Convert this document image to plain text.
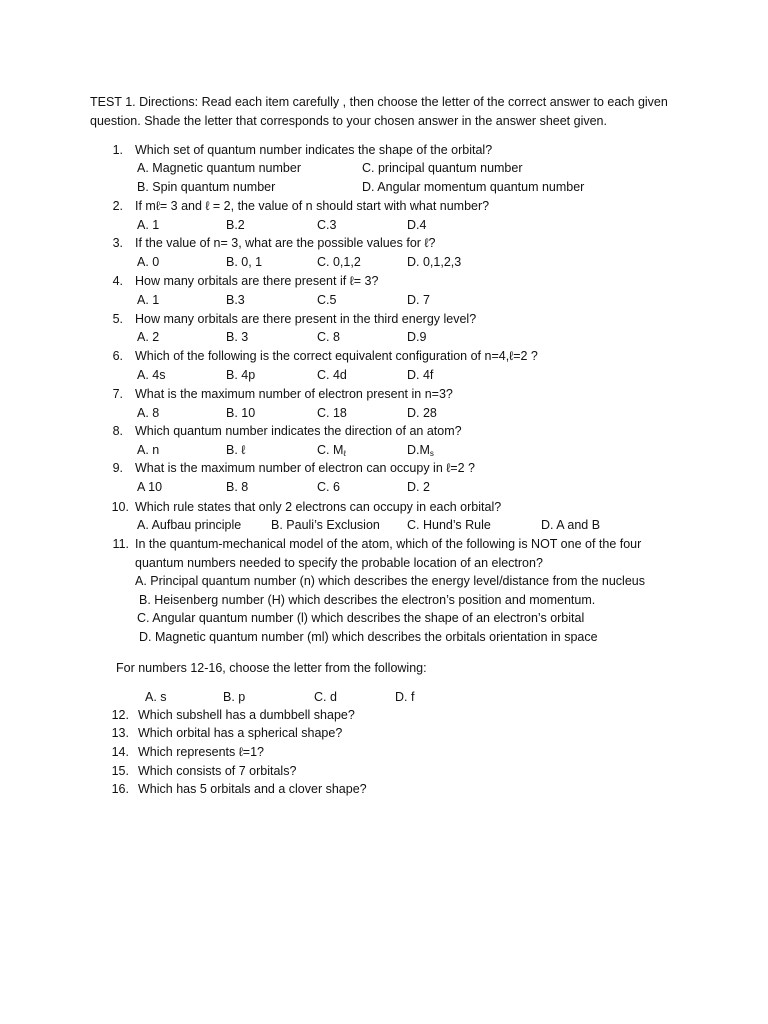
TEST 1. Directions: Read each item carefully , then choose the letter of the correct answer to each given
question. Shade the letter that corresponds to your chosen answer in the answer sheet given.
1. Which set of quantum number indicates the shape of the orbital?
A. Magnetic quantum number	C. principal quantum number
B. Spin quantum number	D. Angular momentum quantum number
2. If mℓ= 3 and ℓ = 2, the value of n should start with what number?
A. 1	B.2	C.3	D.4
3. If the value of n= 3, what are the possible values for ℓ?
A. 0	B. 0, 1	C. 0,1,2	D. 0,1,2,3
4. How many orbitals are there present if ℓ= 3?
A. 1	B.3	C.5	D. 7
5. How many orbitals are there present in the third energy level?
A. 2	B. 3	C. 8	D.9
6. Which of the following is the correct equivalent configuration of n=4,ℓ=2 ?
A. 4s	B. 4p	C. 4d	D. 4f
7. What is the maximum number of electron present in n=3?
A. 8	B. 10	C. 18	D. 28
8. Which quantum number indicates the direction of an atom?
A. n	B. ℓ	C. $M_\ell$	$D.M_s$
9. What is the maximum number of electron can occupy in ℓ=2 ?
A 10	B. 8	C. 6	D. 2
10. Which rule states that only 2 electrons can occupy in each orbital?
A. Aufbau principle B. Pauli’s Exclusion C. Hund’s Rule	D. A and B
11. In the quantum-mechanical model of the atom, which of the following is NOT one of the four
quantum numbers needed to specify the probable location of an electron?
A. Principal quantum number (n) which describes the energy level/distance from the nucleus
B. Heisenberg number (H) which describes the electron’s position and momentum.
C. Angular quantum number (l) which describes the shape of an electron’s orbital
D. Magnetic quantum number (ml) which describes the orbitals orientation in space
For numbers 12-16, choose the letter from the following:
A. s	B. p	C. d	D. f
12. Which subshell has a dumbbell shape?
13. Which orbital has a spherical shape?
14. Which represents ℓ=1?
15. Which consists of 7 orbitals?
16. Which has 5 orbitals and a clover shape?
